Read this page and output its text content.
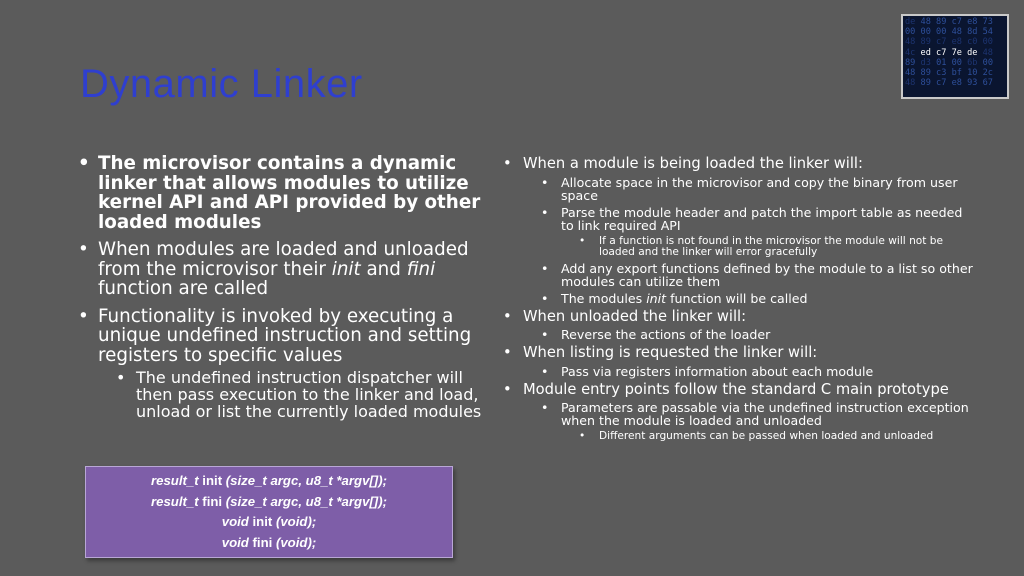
Dynamic Linker
de 48 89 c7 e8 73
00 00 00 48 8d 54
48 89 c7 e8 c0 00
4c ed c7 7e de 48
89 d3 01 00 6b 00
48 89 c3 bf 10 2c
48 89 c7 e8 93 67
• The microvisor contains a dynamic linker that allows modules to utilize kernel API and API provided by other loaded modules
• When modules are loaded and unloaded from the microvisor their init and fini function are called
• Functionality is invoked by executing a unique undefined instruction and setting registers to specific values
• The undefined instruction dispatcher will then pass execution to the linker and load, unload or list the currently loaded modules
• When a module is being loaded the linker will:
• Allocate space in the microvisor and copy the binary from user space
• Parse the module header and patch the import table as needed to link required API
• If a function is not found in the microvisor the module will not be loaded and the linker will error gracefully
• Add any export functions defined by the module to a list so other modules can utilize them
• The modules init function will be called
• When unloaded the linker will:
• Reverse the actions of the loader
• When listing is requested the linker will:
• Pass via registers information about each module
• Module entry points follow the standard C main prototype
• Parameters are passable via the undefined instruction exception when the module is loaded and unloaded
• Different arguments can be passed when loaded and unloaded
result_t init (size_t argc, u8_t *argv[]);
result_t fini (size_t argc, u8_t *argv[]);
void init (void);
void fini (void);
